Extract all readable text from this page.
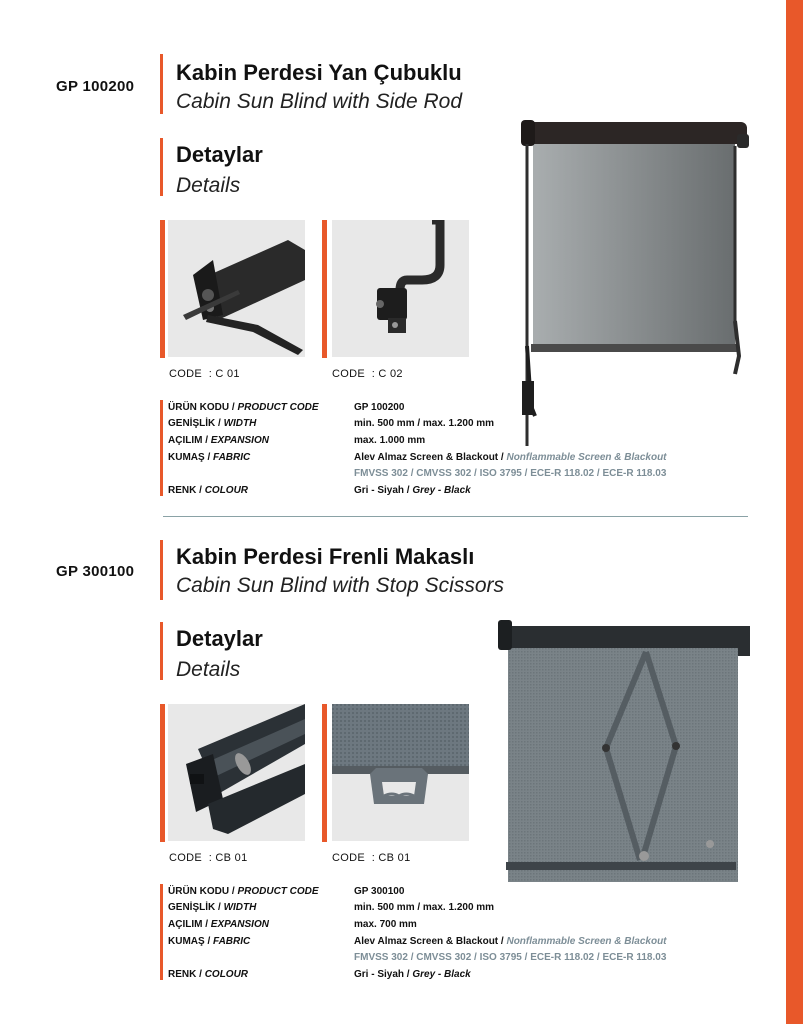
GP 100200
Kabin Perdesi Yan Çubuklu
Cabin Sun Blind with Side Rod
Detaylar
Details
CODE : C 01	CODE : C 02
ÜRÜN KODU / PRODUCT CODE	GP 100200
GENİŞLİK / WIDTH	min. 500 mm / max. 1.200 mm
AÇILIM / EXPANSION	max. 1.000 mm
KUMAŞ / FABRIC	Alev Almaz Screen & Blackout / Nonflammable Screen & Blackout
FMVSS 302 / CMVSS 302 / ISO 3795 / ECE-R 118.02 / ECE-R 118.03
RENK / COLOUR	Gri - Siyah / Grey - Black
GP 300100
Kabin Perdesi Frenli Makaslı
Cabin Sun Blind with Stop Scissors
Detaylar
Details
CODE : CB 01	CODE : CB 01
ÜRÜN KODU / PRODUCT CODE	GP 300100
GENİŞLİK / WIDTH	min. 500 mm / max. 1.200 mm
AÇILIM / EXPANSION	max. 700 mm
KUMAŞ / FABRIC	Alev Almaz Screen & Blackout / Nonflammable Screen & Blackout
FMVSS 302 / CMVSS 302 / ISO 3795 / ECE-R 118.02 / ECE-R 118.03
RENK / COLOUR	Gri - Siyah / Grey - Black
